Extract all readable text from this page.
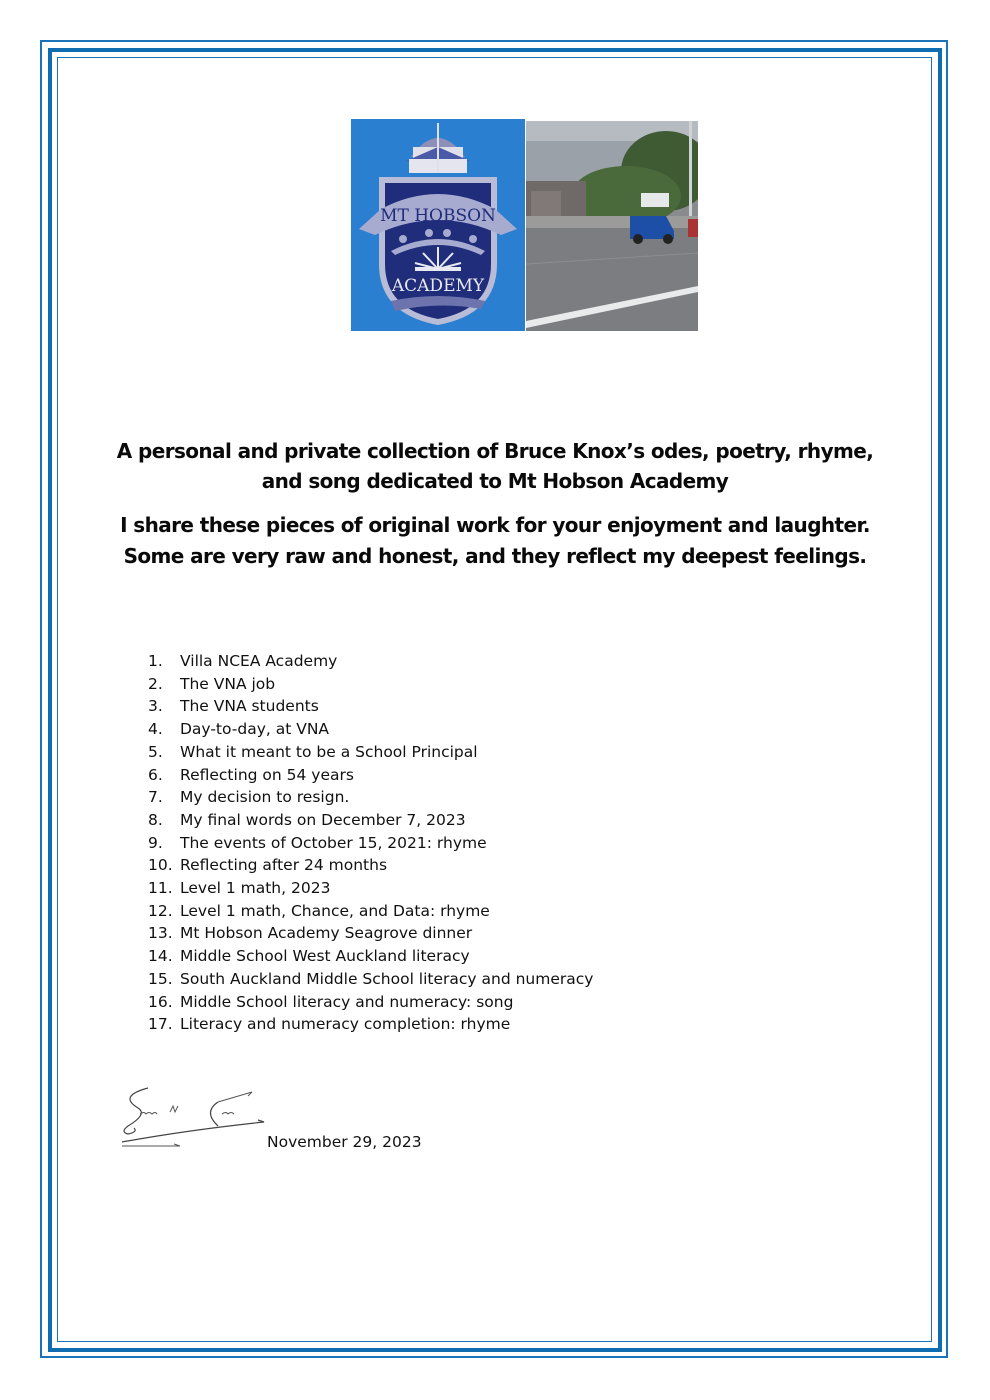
MT HOBSON
ACADEMY
A personal and private collection of Bruce Knox’s odes, poetry, rhyme, and song dedicated to Mt Hobson Academy
I share these pieces of original work for your enjoyment and laughter. Some are very raw and honest, and they reflect my deepest feelings.
1.	Villa NCEA Academy
2.	The VNA job
3.	The VNA students
4.	Day-to-day, at VNA
5.	What it meant to be a School Principal
6.	Reflecting on 54 years
7.	My decision to resign.
8.	My final words on December 7, 2023
9.	The events of October 15, 2021: rhyme
10. Reflecting after 24 months
11. Level 1 math, 2023
12. Level 1 math, Chance, and Data: rhyme
13. Mt Hobson Academy Seagrove dinner
14. Middle School West Auckland literacy
15. South Auckland Middle School literacy and numeracy
16. Middle School literacy and numeracy: song
17. Literacy and numeracy completion: rhyme
November 29, 2023
